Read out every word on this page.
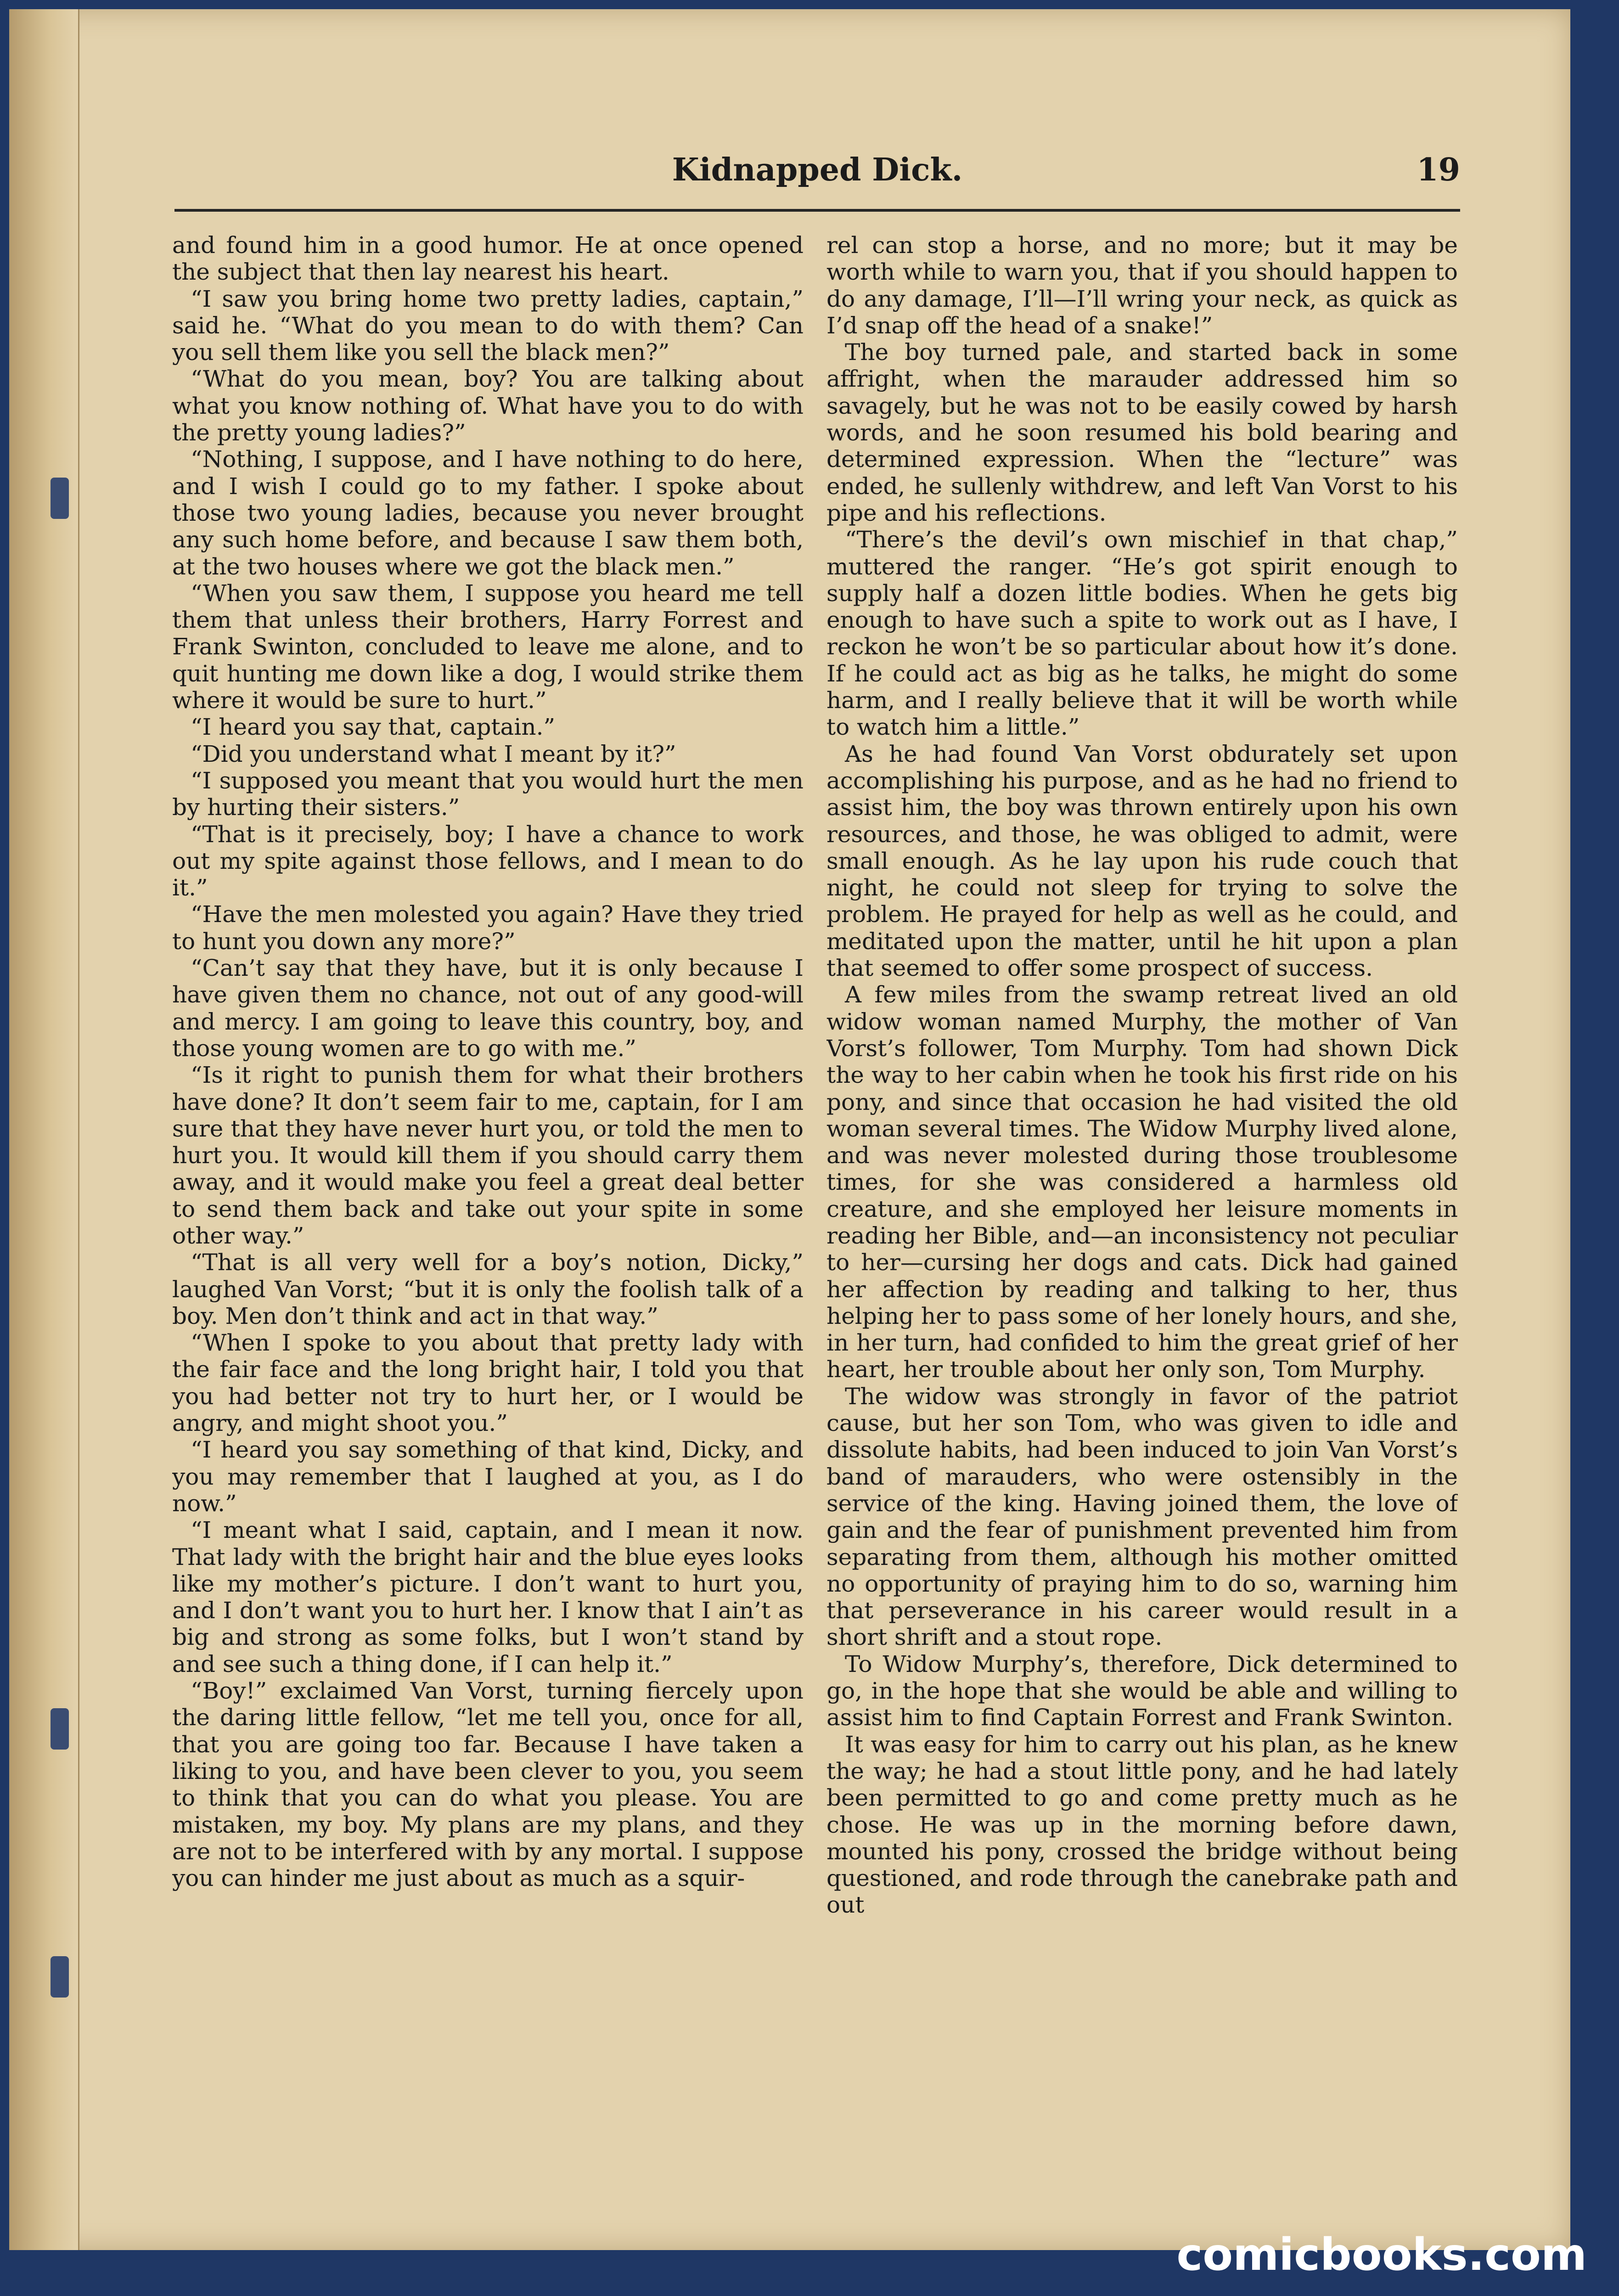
Kidnapped Dick.	19

and found him in a good humor. He at once opened the subject that then lay nearest his heart.

“I saw you bring home two pretty ladies, captain,” said he. “What do you mean to do with them? Can you sell them like you sell the black men?”

“What do you mean, boy? You are talking about what you know nothing of. What have you to do with the pretty young ladies?”

“Nothing, I suppose, and I have nothing to do here, and I wish I could go to my father. I spoke about those two young ladies, because you never brought any such home before, and because I saw them both, at the two houses where we got the black men.”

“When you saw them, I suppose you heard me tell them that unless their brothers, Harry Forrest and Frank Swinton, concluded to leave me alone, and to quit hunting me down like a dog, I would strike them where it would be sure to hurt.”

“I heard you say that, captain.”

“Did you understand what I meant by it?”

“I supposed you meant that you would hurt the men by hurting their sisters.”

“That is it precisely, boy; I have a chance to work out my spite against those fellows, and I mean to do it.”

“Have the men molested you again? Have they tried to hunt you down any more?”

“Can’t say that they have, but it is only because I have given them no chance, not out of any good-will and mercy. I am going to leave this country, boy, and those young women are to go with me.”

“Is it right to punish them for what their brothers have done? It don’t seem fair to me, captain, for I am sure that they have never hurt you, or told the men to hurt you. It would kill them if you should carry them away, and it would make you feel a great deal better to send them back and take out your spite in some other way.”

“That is all very well for a boy’s notion, Dicky,” laughed Van Vorst; “but it is only the foolish talk of a boy. Men don’t think and act in that way.”

“When I spoke to you about that pretty lady with the fair face and the long bright hair, I told you that you had better not try to hurt her, or I would be angry, and might shoot you.”

“I heard you say something of that kind, Dicky, and you may remember that I laughed at you, as I do now.”

“I meant what I said, captain, and I mean it now. That lady with the bright hair and the blue eyes looks like my mother’s picture. I don’t want to hurt you, and I don’t want you to hurt her. I know that I ain’t as big and strong as some folks, but I won’t stand by and see such a thing done, if I can help it.”

“Boy!” exclaimed Van Vorst, turning fiercely upon the daring little fellow, “let me tell you, once for all, that you are going too far. Because I have taken a liking to you, and have been clever to you, you seem to think that you can do what you please. You are mistaken, my boy. My plans are my plans, and they are not to be interfered with by any mortal. I suppose you can hinder me just about as much as a squir-

rel can stop a horse, and no more; but it may be worth while to warn you, that if you should happen to do any damage, I’ll—I’ll wring your neck, as quick as I’d snap off the head of a snake!”

The boy turned pale, and started back in some affright, when the marauder addressed him so savagely, but he was not to be easily cowed by harsh words, and he soon resumed his bold bearing and determined expression. When the “lecture” was ended, he sullenly withdrew, and left Van Vorst to his pipe and his reflections.

“There’s the devil’s own mischief in that chap,” muttered the ranger. “He’s got spirit enough to supply half a dozen little bodies. When he gets big enough to have such a spite to work out as I have, I reckon he won’t be so particular about how it’s done. If he could act as big as he talks, he might do some harm, and I really believe that it will be worth while to watch him a little.”

As he had found Van Vorst obdurately set upon accomplishing his purpose, and as he had no friend to assist him, the boy was thrown entirely upon his own resources, and those, he was obliged to admit, were small enough. As he lay upon his rude couch that night, he could not sleep for trying to solve the problem. He prayed for help as well as he could, and meditated upon the matter, until he hit upon a plan that seemed to offer some prospect of success.

A few miles from the swamp retreat lived an old widow woman named Murphy, the mother of Van Vorst’s follower, Tom Murphy. Tom had shown Dick the way to her cabin when he took his first ride on his pony, and since that occasion he had visited the old woman several times. The Widow Murphy lived alone, and was never molested during those troublesome times, for she was considered a harmless old creature, and she employed her leisure moments in reading her Bible, and—an inconsistency not peculiar to her—cursing her dogs and cats. Dick had gained her affection by reading and talking to her, thus helping her to pass some of her lonely hours, and she, in her turn, had confided to him the great grief of her heart, her trouble about her only son, Tom Murphy.

The widow was strongly in favor of the patriot cause, but her son Tom, who was given to idle and dissolute habits, had been induced to join Van Vorst’s band of marauders, who were ostensibly in the service of the king. Having joined them, the love of gain and the fear of punishment prevented him from separating from them, although his mother omitted no opportunity of praying him to do so, warning him that perseverance in his career would result in a short shrift and a stout rope.

To Widow Murphy’s, therefore, Dick determined to go, in the hope that she would be able and willing to assist him to find Captain Forrest and Frank Swinton.

It was easy for him to carry out his plan, as he knew the way; he had a stout little pony, and he had lately been permitted to go and come pretty much as he chose. He was up in the morning before dawn, mounted his pony, crossed the bridge without being questioned, and rode through the canebrake path and out

comicbooks.com
